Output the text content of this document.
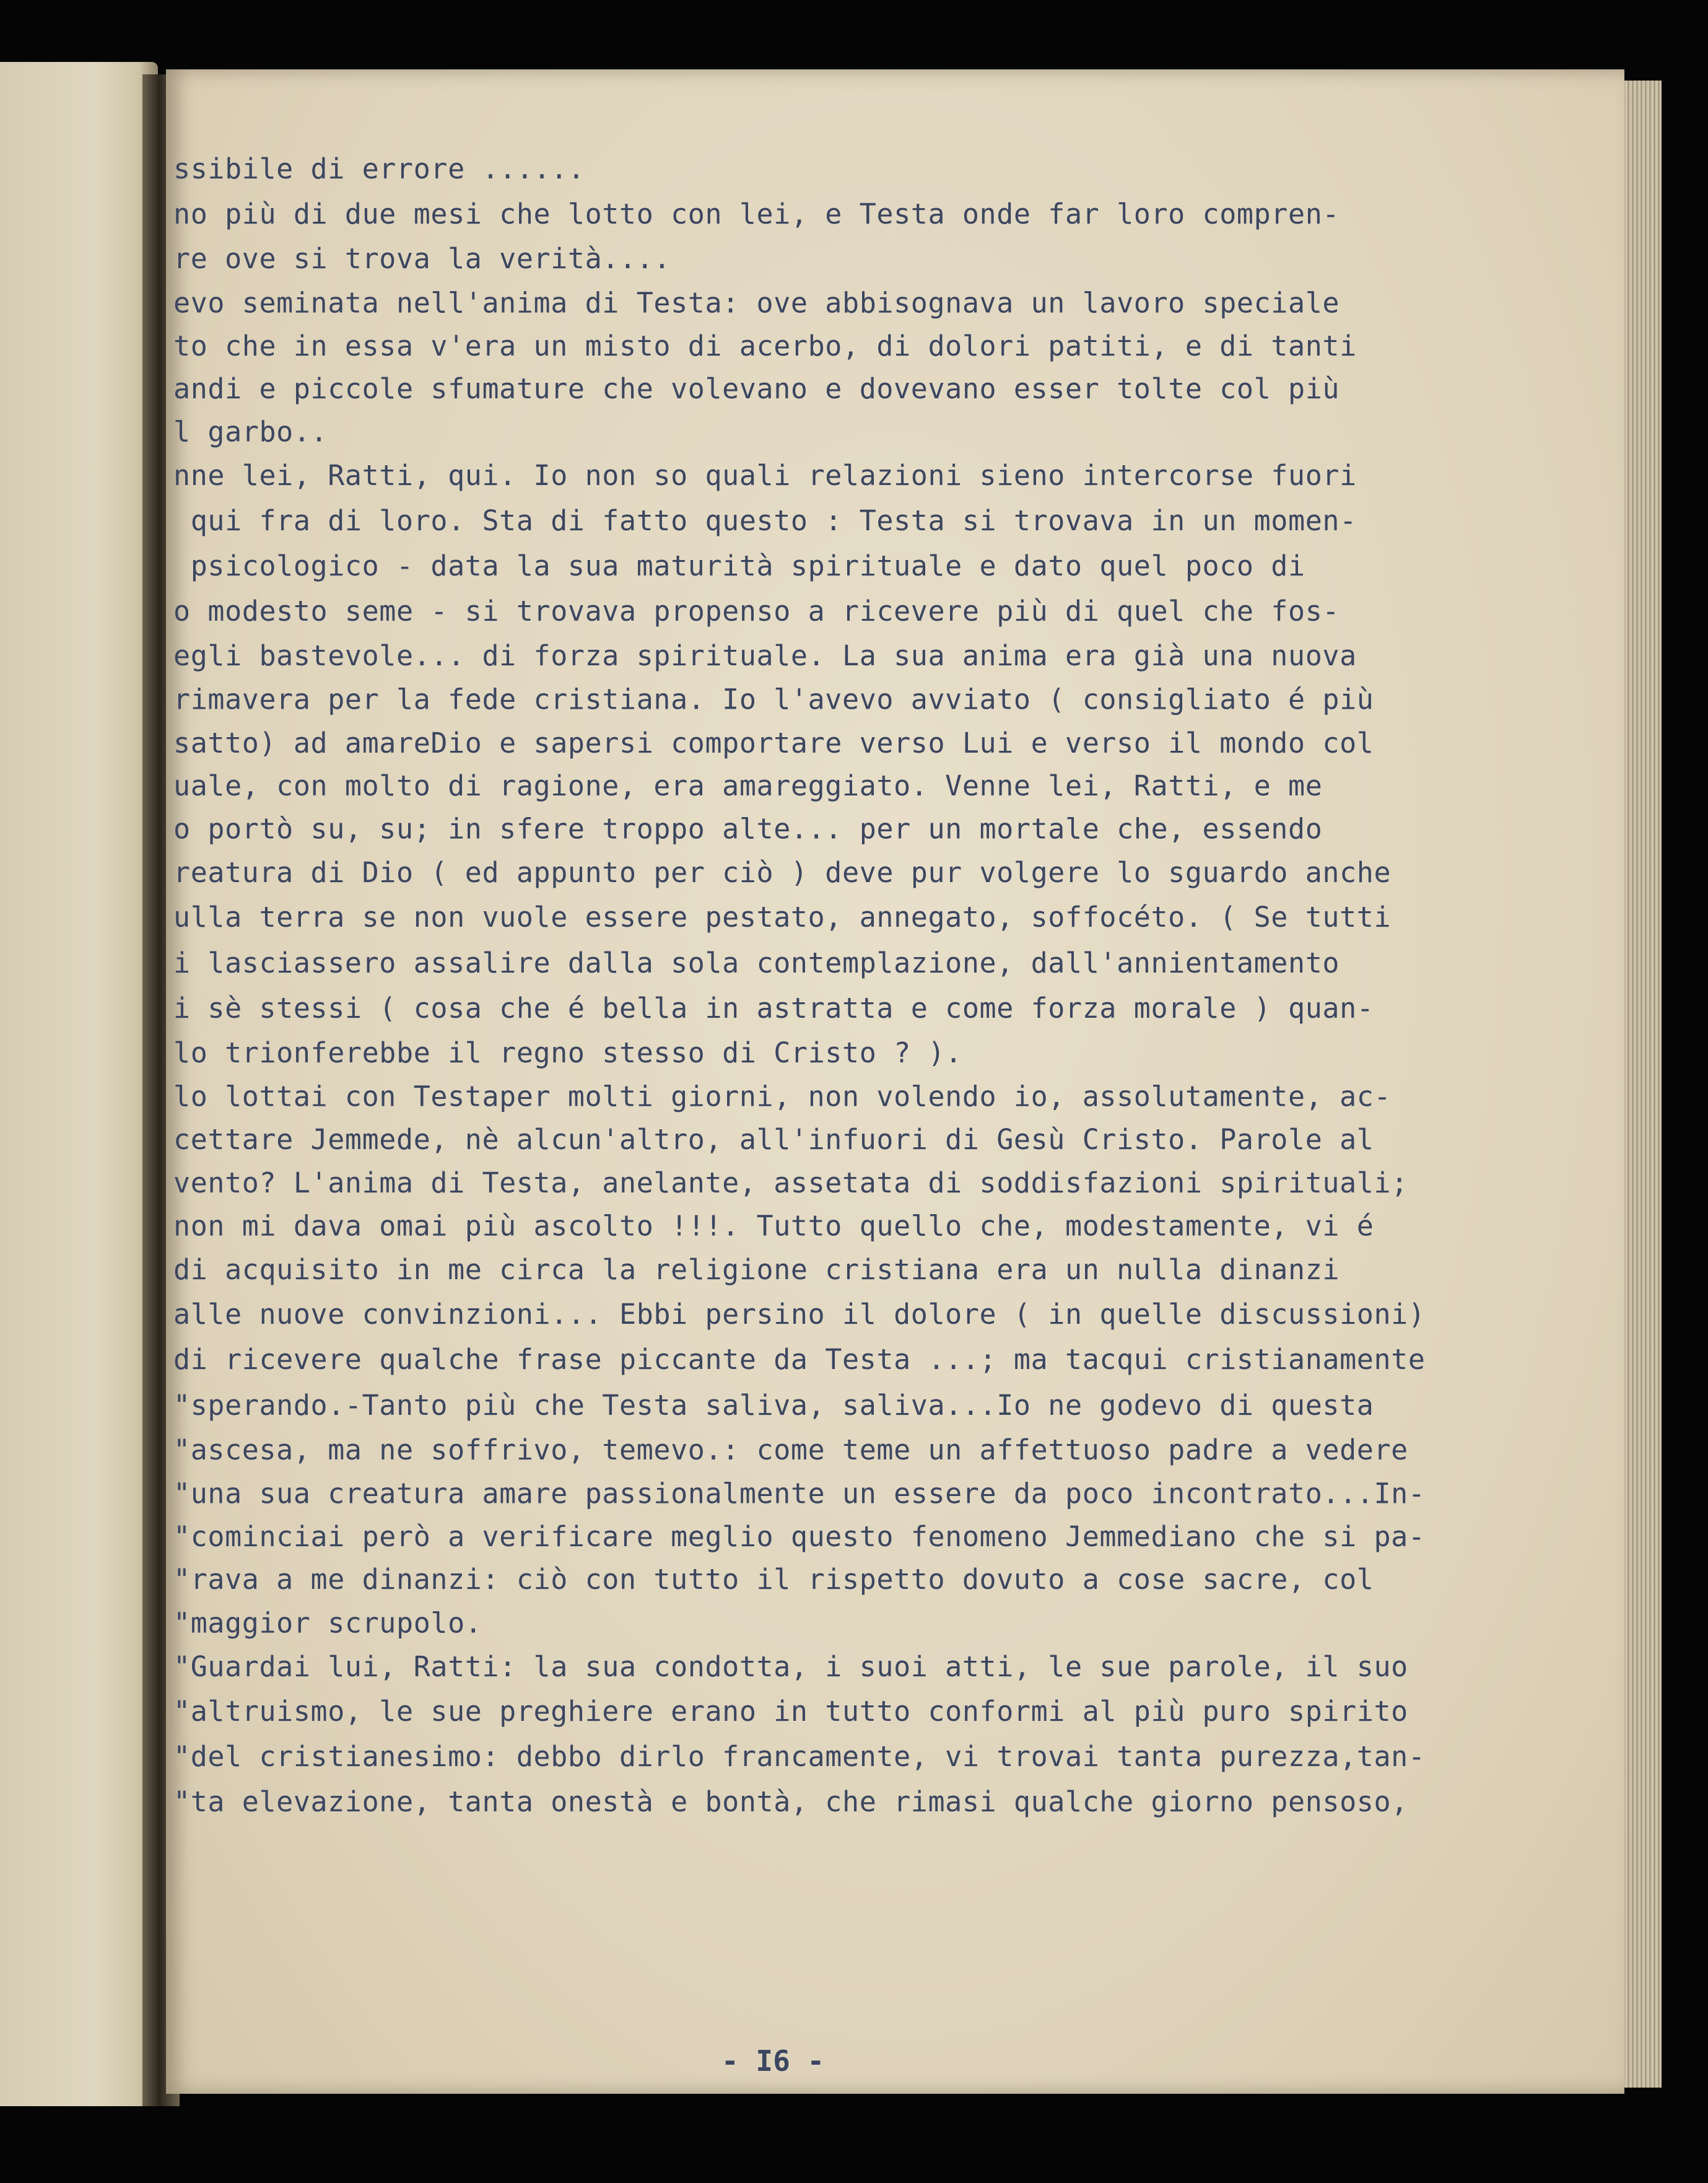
ssibile di errore ......
no più di due mesi che lotto con lei, e Testa onde far loro compren-
re ove si trova la verità....
evo seminata nell'anima di Testa: ove abbisognava un lavoro speciale
to che in essa v'era un misto di acerbo, di dolori patiti, e di tanti
andi e piccole sfumature che volevano e dovevano esser tolte col più
l garbo..
nne lei, Ratti, qui. Io non so quali relazioni sieno intercorse fuori
qui fra di loro. Sta di fatto questo : Testa si trovava in un momen-
psicologico - data la sua maturità spirituale e dato quel poco di
o modesto seme - si trovava propenso a ricevere più di quel che fos-
egli bastevole... di forza spirituale. La sua anima era già una nuova
rimavera per la fede cristiana. Io l'avevo avviato ( consigliato é più
satto) ad amareDio e sapersi comportare verso Lui e verso il mondo col
uale, con molto di ragione, era amareggiato. Venne lei, Ratti, e me
o portò su, su; in sfere troppo alte... per un mortale che, essendo
reatura di Dio ( ed appunto per ciò ) deve pur volgere lo sguardo anche
ulla terra se non vuole essere pestato, annegato, soffocéto. ( Se tutti
i lasciassero assalire dalla sola contemplazione, dall'annientamento
i sè stessi ( cosa che é bella in astratta e come forza morale ) quan-
lo trionferebbe il regno stesso di Cristo ? ).
lo lottai con Testaper molti giorni, non volendo io, assolutamente, ac-
cettare Jemmede, nè alcun'altro, all'infuori di Gesù Cristo. Parole al
vento? L'anima di Testa, anelante, assetata di soddisfazioni spirituali;
non mi dava omai più ascolto !!!. Tutto quello che, modestamente, vi é
di acquisito in me circa la religione cristiana era un nulla dinanzi
alle nuove convinzioni... Ebbi persino il dolore ( in quelle discussioni)
di ricevere qualche frase piccante da Testa ...; ma tacqui cristianamente
"sperando.-Tanto più che Testa saliva, saliva...Io ne godevo di questa
"ascesa, ma ne soffrivo, temevo.: come teme un affettuoso padre a vedere
"una sua creatura amare passionalmente un essere da poco incontrato...In-
"cominciai però a verificare meglio questo fenomeno Jemmediano che si pa-
"rava a me dinanzi: ciò con tutto il rispetto dovuto a cose sacre, col
"maggior scrupolo.
"Guardai lui, Ratti: la sua condotta, i suoi atti, le sue parole, il suo
"altruismo, le sue preghiere erano in tutto conformi al più puro spirito
"del cristianesimo: debbo dirlo francamente, vi trovai tanta purezza,tan-
"ta elevazione, tanta onestà e bontà, che rimasi qualche giorno pensoso,
- I6 -
